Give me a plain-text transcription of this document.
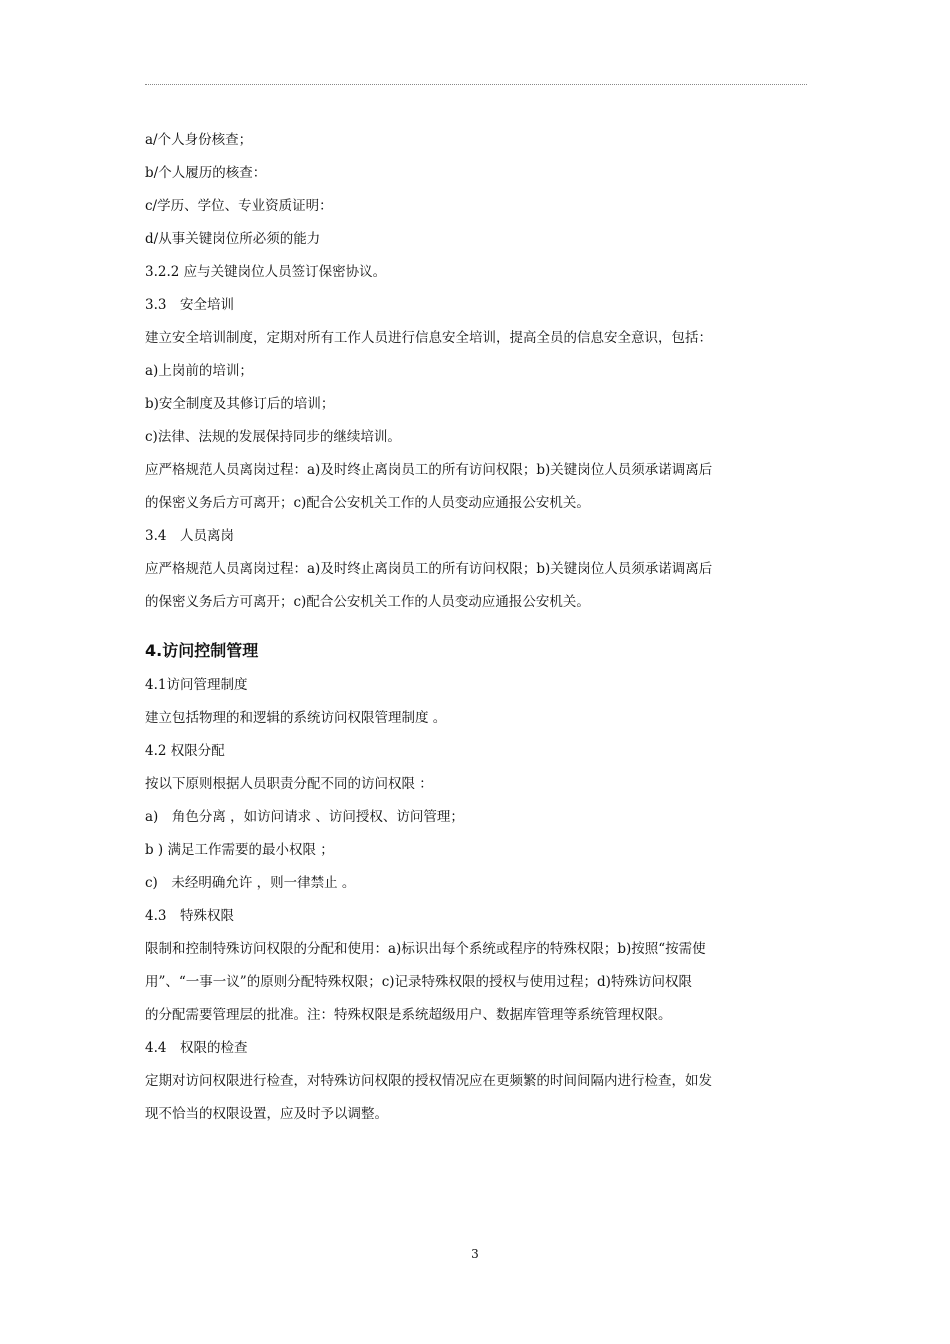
a/个人身份核查；
b/个人履历的核查：
c/学历、学位、专业资质证明：
d/从事关键岗位所必须的能力
3.2.2 应与关键岗位人员签订保密协议。
3.3　安全培训
建立安全培训制度，定期对所有工作人员进行信息安全培训，提高全员的信息安全意识，包括：
a)上岗前的培训；
b)安全制度及其修订后的培训；
c)法律、法规的发展保持同步的继续培训。
应严格规范人员离岗过程：a)及时终止离岗员工的所有访问权限；b)关键岗位人员须承诺调离后
的保密义务后方可离开；c)配合公安机关工作的人员变动应通报公安机关。
3.4　人员离岗
应严格规范人员离岗过程：a)及时终止离岗员工的所有访问权限；b)关键岗位人员须承诺调离后
的保密义务后方可离开；c)配合公安机关工作的人员变动应通报公安机关。
4.访问控制管理
4.1访问管理制度
建立包括物理的和逻辑的系统访问权限管理制度 。
4.2 权限分配
按以下原则根据人员职责分配不同的访问权限 ：
a)　角色分离 ，如访问请求 、访问授权、访问管理；
b ) 满足工作需要的最小权限 ；
c)　未经明确允许 ，则一律禁止 。
4.3　特殊权限
限制和控制特殊访问权限的分配和使用：a)标识出每个系统或程序的特殊权限；b)按照“按需使
用”、“一事一议”的原则分配特殊权限；c)记录特殊权限的授权与使用过程；d)特殊访问权限
的分配需要管理层的批准。注：特殊权限是系统超级用户、数据库管理等系统管理权限。
4.4　权限的检查
定期对访问权限进行检查，对特殊访问权限的授权情况应在更频繁的时间间隔内进行检查，如发
现不恰当的权限设置，应及时予以调整。
3
